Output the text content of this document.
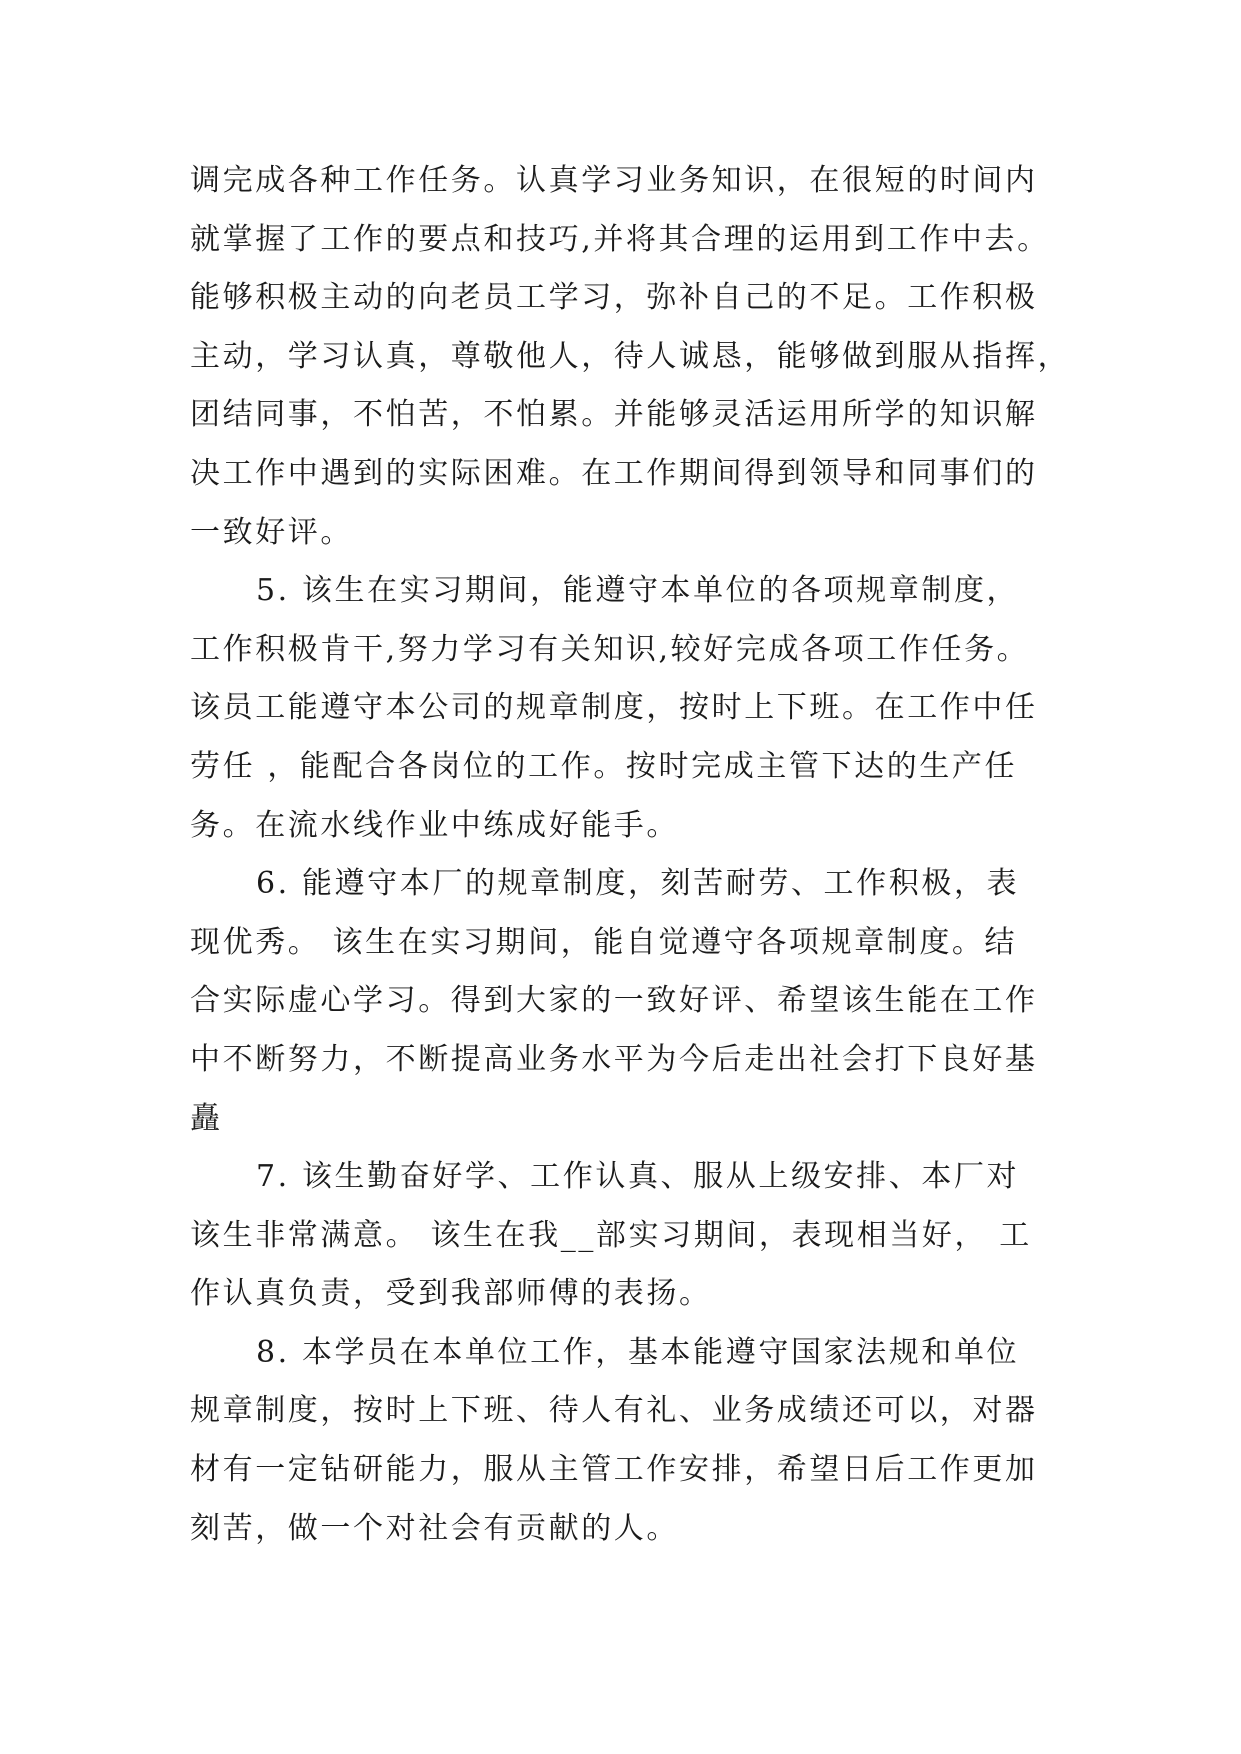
调完成各种工作任务。认真学习业务知识，在很短的时间内
就掌握了工作的要点和技巧,并将其合理的运用到工作中去。
能够积极主动的向老员工学习，弥补自己的不足。工作积极
主动，学习认真，尊敬他人，待人诚恳，能够做到服从指挥，
团结同事，不怕苦，不怕累。并能够灵活运用所学的知识解
决工作中遇到的实际困难。在工作期间得到领导和同事们的
一致好评。
5. 该生在实习期间，能遵守本单位的各项规章制度，
工作积极肯干,努力学习有关知识,较好完成各项工作任务。
该员工能遵守本公司的规章制度，按时上下班。在工作中任
劳任 ，能配合各岗位的工作。按时完成主管下达的生产任
务。在流水线作业中练成好能手。
6. 能遵守本厂的规章制度，刻苦耐劳、工作积极，表
现优秀。 该生在实习期间，能自觉遵守各项规章制度。结
合实际虚心学习。得到大家的一致好评、希望该生能在工作
中不断努力，不断提高业务水平为今后走出社会打下良好基
矗
7. 该生勤奋好学、工作认真、服从上级安排、本厂对
该生非常满意。 该生在我__部实习期间，表现相当好， 工
作认真负责，受到我部师傅的表扬。
8. 本学员在本单位工作，基本能遵守国家法规和单位
规章制度，按时上下班、待人有礼、业务成绩还可以，对器
材有一定钻研能力，服从主管工作安排，希望日后工作更加
刻苦，做一个对社会有贡献的人。
